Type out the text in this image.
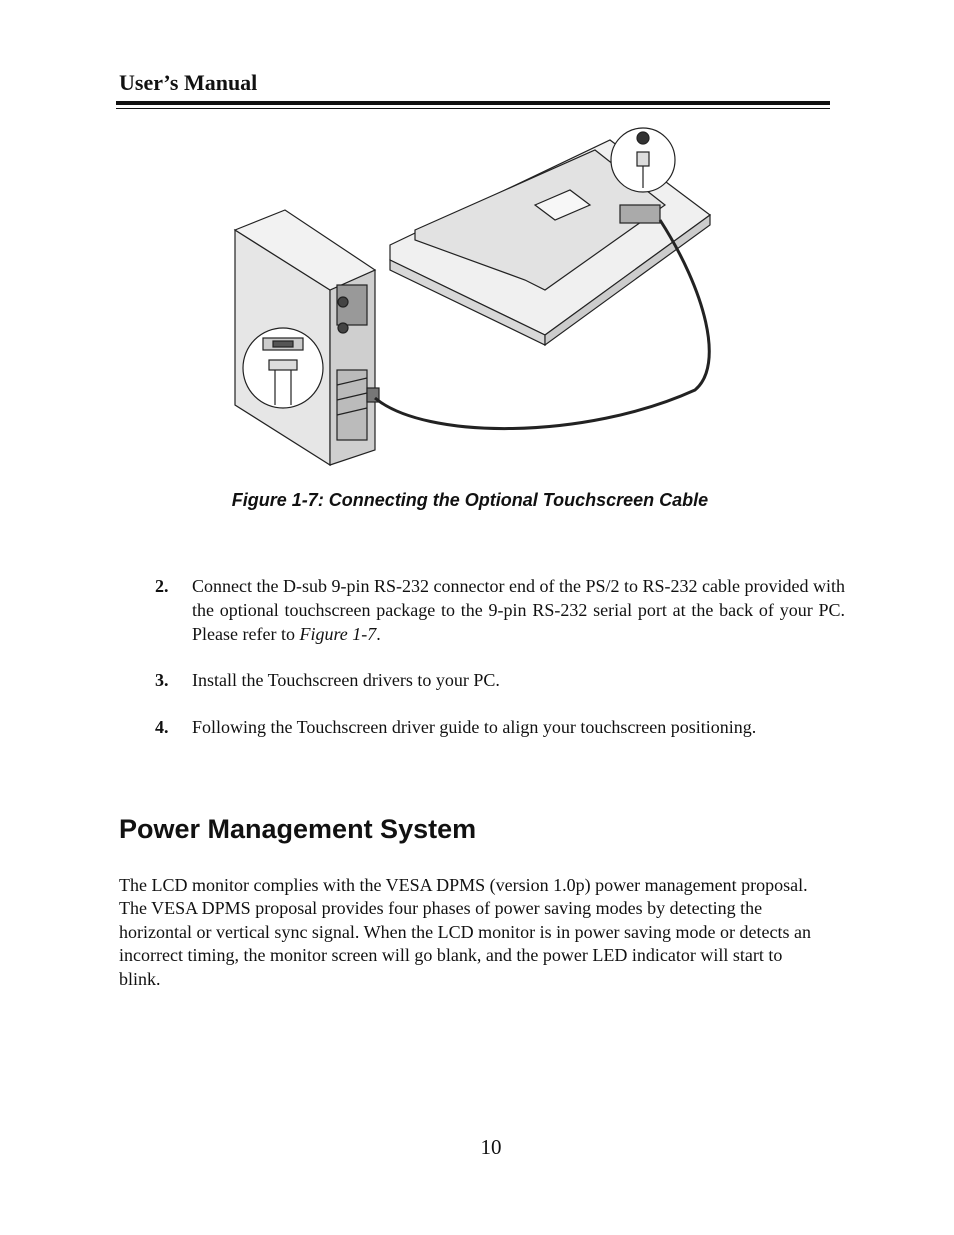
User’s Manual
Figure 1-7: Connecting the Optional Touchscreen Cable
2. Connect the D-sub 9-pin RS-232 connector end of the PS/2 to RS-232 cable provided with the optional touchscreen package to the 9-pin RS-232 serial port at the back of your PC. Please refer to Figure 1-7.
3. Install the Touchscreen drivers to your PC.
4. Following the Touchscreen driver guide to align your touchscreen positioning.
Power Management System
The LCD monitor complies with the VESA DPMS (version 1.0p) power management proposal. The VESA DPMS proposal provides four phases of power saving modes by detecting the horizontal or vertical sync signal. When the LCD monitor is in power saving mode or detects an incorrect timing, the monitor screen will go blank, and the power LED indicator will start to blink.
10
